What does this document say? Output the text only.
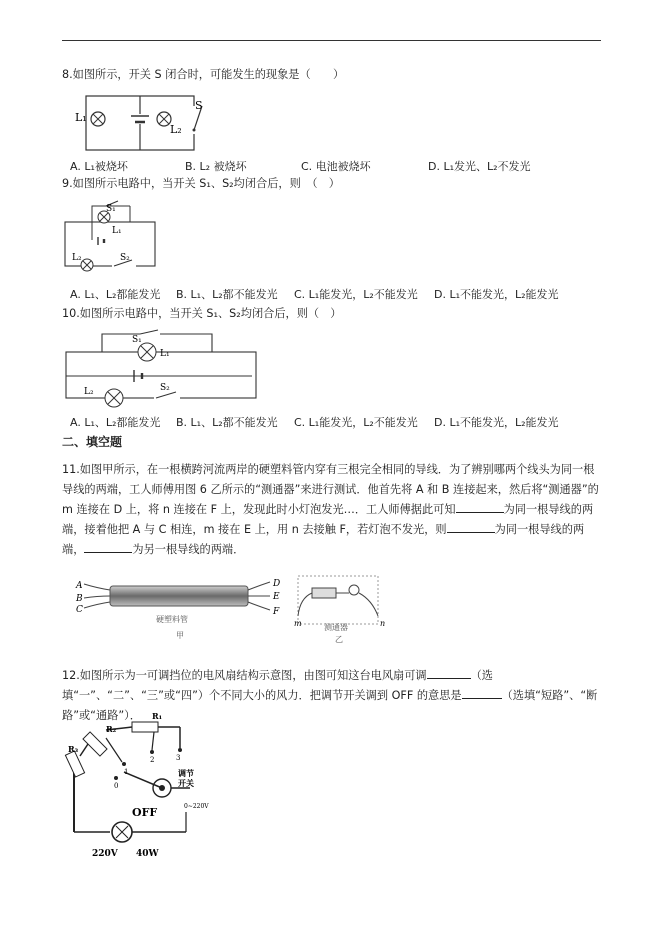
8.如图所示，开关 S 闭合时，可能发生的现象是（　　）
L₁
L₂
S
A. L₁被烧坏	B. L₂ 被烧坏	C. 电池被烧坏	D. L₁发光、L₂不发光
9.如图所示电路中，当开关 S₁、S₂均闭合后，则　（　）
S₁
L₁
L₂	S₂
A. L₁、L₂都能发光 B. L₁、L₂都不能发光 C. L₁能发光，L₂不能发光 D. L₁不能发光，L₂能发光
10.如图所示电路中，当开关 S₁、S₂均闭合后，则（　）
S₁
L₁
L₂	S₂
A. L₁、L₂都能发光 B. L₁、L₂都不能发光 C. L₁能发光，L₂不能发光 D. L₁不能发光，L₂能发光
二、填空题
11.如图甲所示，在一根横跨河流两岸的硬塑料管内穿有三根完全相同的导线．为了辨别哪两个线头为同一根导线的两端，工人师傅用图 6 乙所示的“测通器”来进行测试．他首先将 A 和 B 连接起来，然后将“测通器”的 m 连接在 D 上，将 n 连接在 F 上，发现此时小灯泡发光…．工人师傅据此可知	为同一根导线的两端，接着他把 A 与 C 相连，m 接在 E 上，用 n 去接触 F，若灯泡不发光，则	为同一根导线的两端，	为另一根导线的两端．
A
B
C
D
E
F
硬塑料管
甲
m	n
测通器
乙
12.如图所示为一可调挡位的电风扇结构示意图，由图可知这台电风扇可调	（选填“一”、“二”、“三”或“四”）个不同大小的风力．把调节开关调到 OFF 的意思是	（选填“短路”、“断路”或“通路”）．	R₁
R₂
R₃
3
2
1
0
调节
开关
OFF	0~220V
220V 40W
